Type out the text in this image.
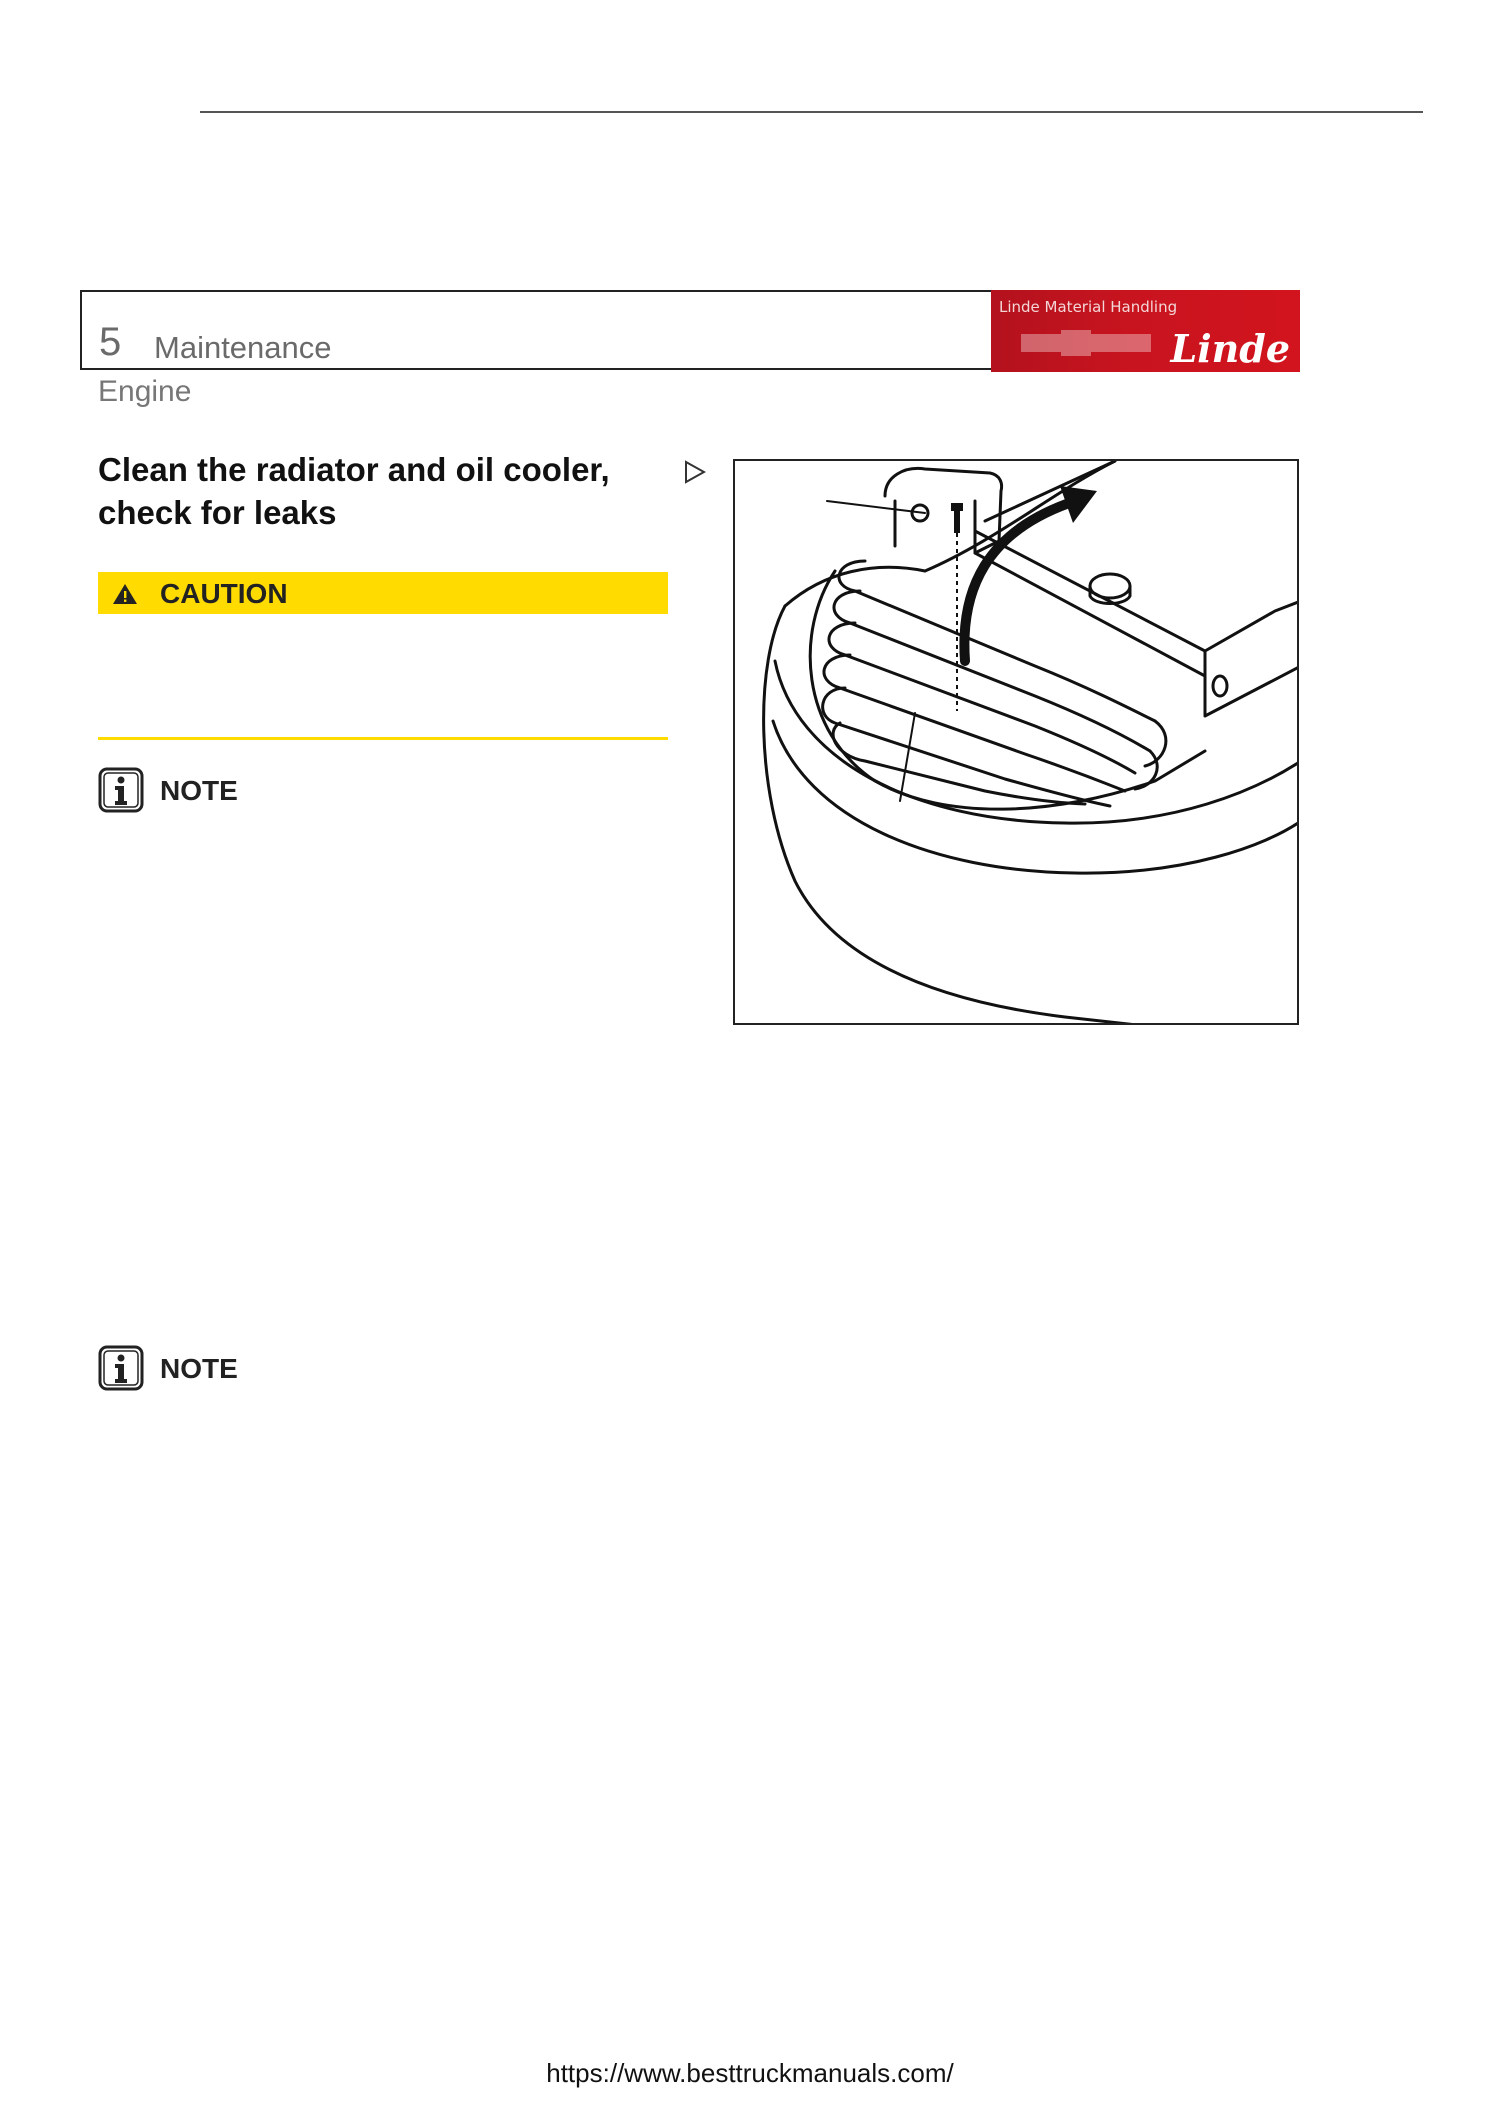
5 Maintenance
Linde Material Handling
Linde
Engine
Clean the radiator and oil cooler,
check for leaks
CAUTION
NOTE
NOTE
https://www.besttruckmanuals.com/
